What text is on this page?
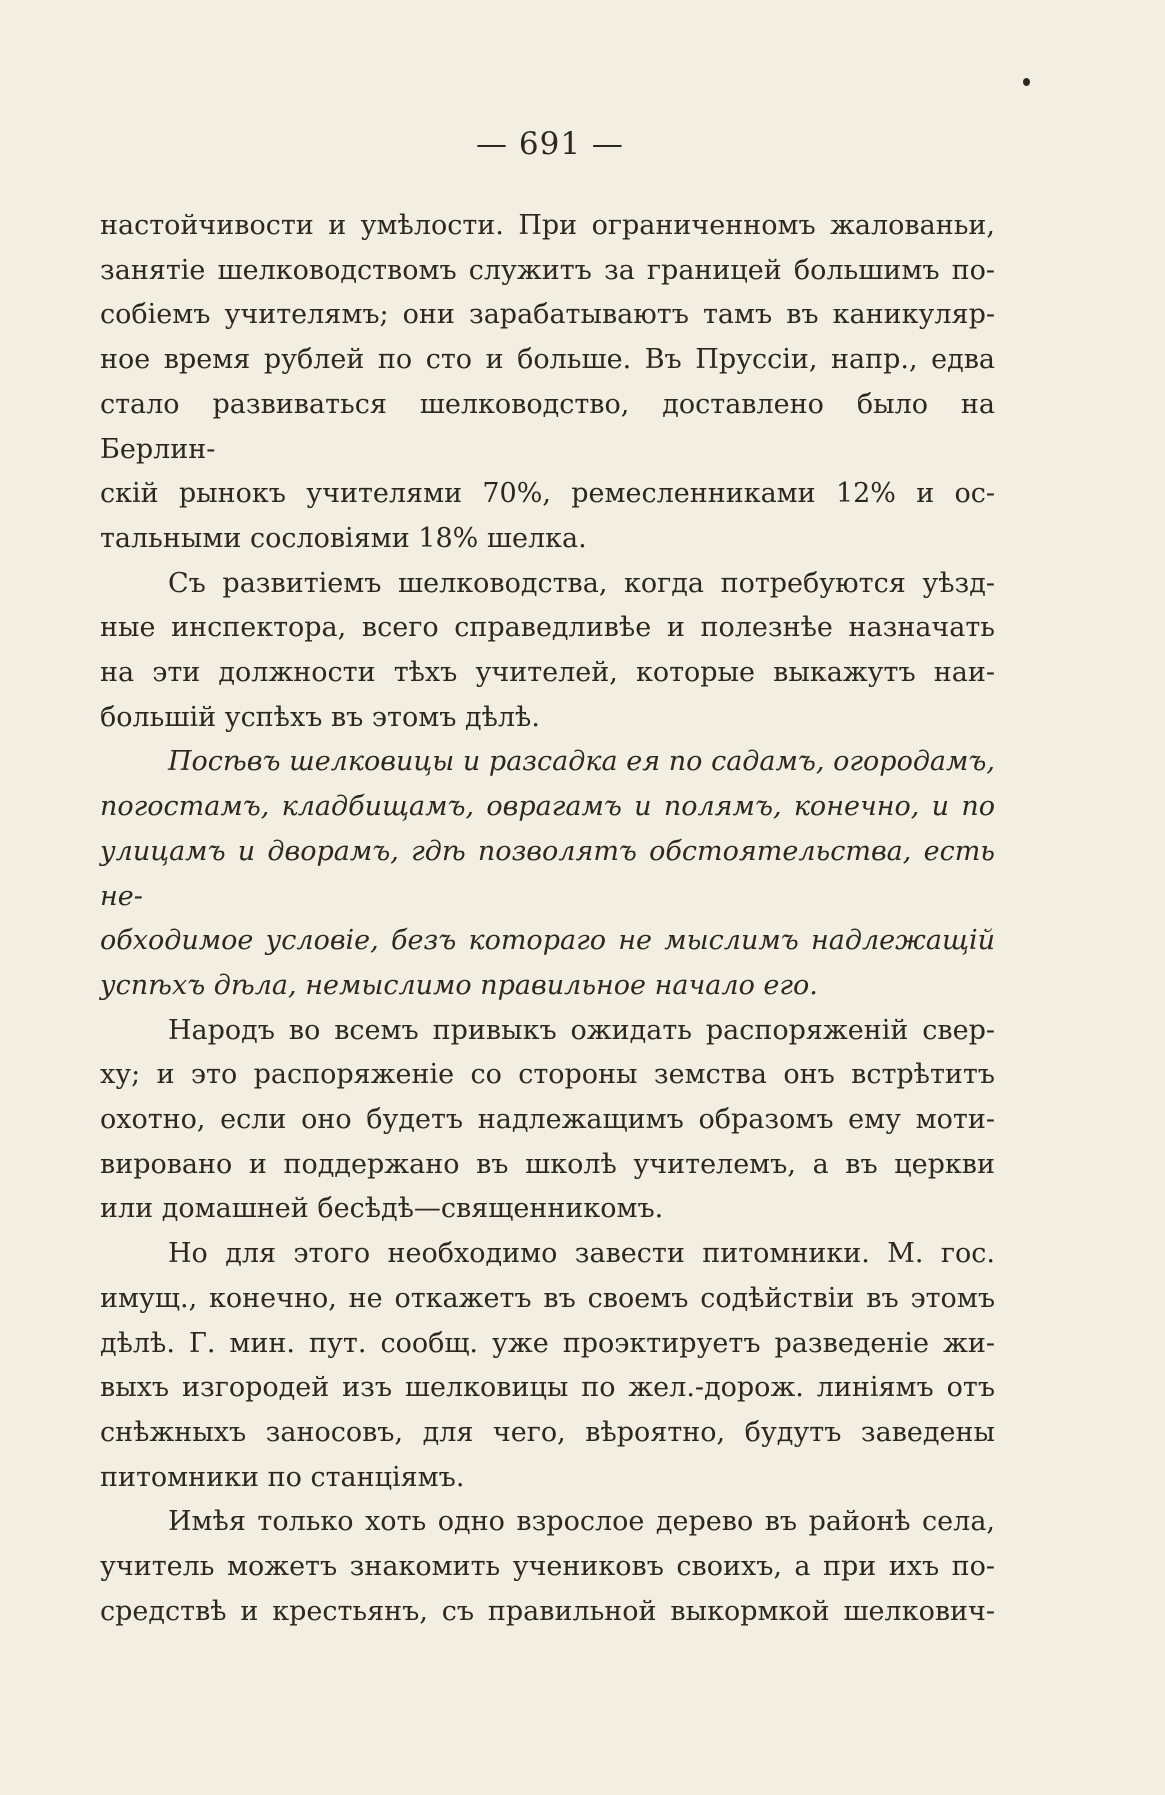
— 691 —
настойчивости и умѣлости. При ограниченномъ жалованьи,
занятіе шелководствомъ служитъ за границей большимъ по-
собіемъ учителямъ; они зарабатываютъ тамъ въ каникуляр-
ное время рублей по сто и больше. Въ Пруссіи, напр., едва
стало развиваться шелководство, доставлено было на Берлин-
скій рынокъ учителями 70%, ремесленниками 12% и ос-
тальными сословіями 18% шелка.
Съ развитіемъ шелководства, когда потребуются уѣзд-
ные инспектора, всего справедливѣе и полезнѣе назначать
на эти должности тѣхъ учителей, которые выкажутъ наи-
большій успѣхъ въ этомъ дѣлѣ.
Посѣвъ шелковицы и разсадка ея по садамъ, огородамъ,
погостамъ, кладбищамъ, оврагамъ и полямъ, конечно, и по
улицамъ и дворамъ, гдѣ позволятъ обстоятельства, есть не-
обходимое условіе, безъ котораго не мыслимъ надлежащій
успѣхъ дѣла, немыслимо правильное начало его.
Народъ во всемъ привыкъ ожидать распоряженій свер-
ху; и это распоряженіе со стороны земства онъ встрѣтитъ
охотно, если оно будетъ надлежащимъ образомъ ему моти-
вировано и поддержано въ школѣ учителемъ, а въ церкви
или домашней бесѣдѣ—священникомъ.
Но для этого необходимо завести питомники. М. гос.
имущ., конечно, не откажетъ въ своемъ содѣйствіи въ этомъ
дѣлѣ. Г. мин. пут. сообщ. уже проэктируетъ разведеніе жи-
выхъ изгородей изъ шелковицы по жел.-дорож. линіямъ отъ
снѣжныхъ заносовъ, для чего, вѣроятно, будутъ заведены
питомники по станціямъ.
Имѣя только хоть одно взрослое дерево въ районѣ села,
учитель можетъ знакомить учениковъ своихъ, а при ихъ по-
средствѣ и крестьянъ, съ правильной выкормкой шелкович-
